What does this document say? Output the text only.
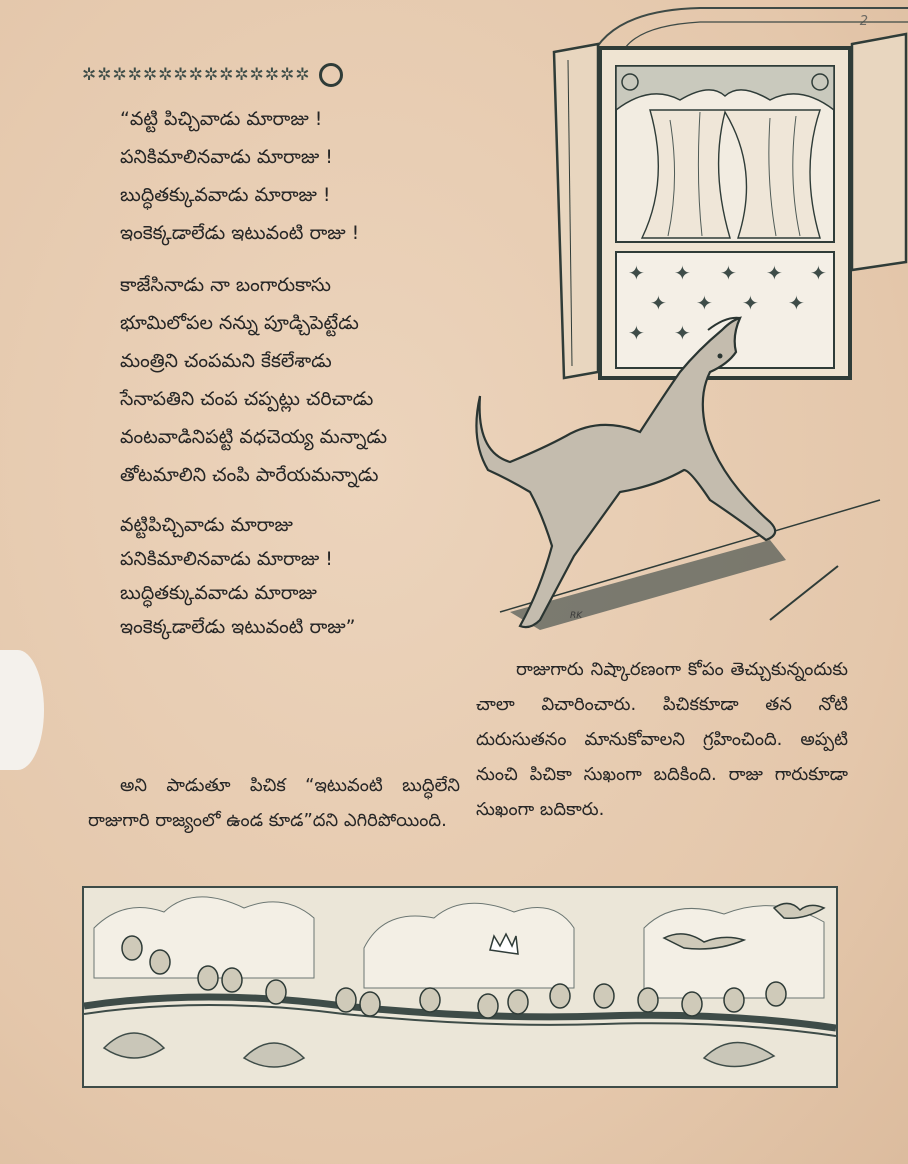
2
✲✲✲✲✲✲✲✲✲✲✲✲✲✲✲
“వట్టి పిచ్చివాడు మారాజు !
పనికిమాలినవాడు మారాజు !
బుద్ధితక్కువవాడు మారాజు !
ఇంకెక్కడాలేడు ఇటువంటి రాజు !
కాజేసినాడు నా బంగారుకాసు
భూమిలోపల నన్ను పూడ్చిపెట్టేడు
మంత్రిని చంపమని కేకలేశాడు
సేనాపతిని చంప చప్పట్లు చరిచాడు
వంటవాడినిపట్టి వధచెయ్య మన్నాడు
తోటమాలిని చంపి పారేయమన్నాడు
వట్టిపిచ్చివాడు మారాజు
పనికిమాలినవాడు మారాజు !
బుద్ధితక్కువవాడు మారాజు
ఇంకెక్కడాలేడు ఇటువంటి రాజు”
అని పాడుతూ పిచిక “ఇటువంటి బుద్ధిలేని రాజుగారి రాజ్యంలో ఉండ కూడ”దని ఎగిరిపోయింది.
రాజుగారు నిష్కారణంగా కోపం తెచ్చుకున్నందుకు చాలా విచారించారు. పిచికకూడా తన నోటి దురుసుతనం మానుకోవాలని గ్రహించింది. అప్పటి నుంచి పిచికా సుఖంగా బదికింది. రాజు గారుకూడా సుఖంగా బదికారు.
✦ ✦ ✦ ✦ ✦
✦ ✦ ✦ ✦
✦ ✦
RK
